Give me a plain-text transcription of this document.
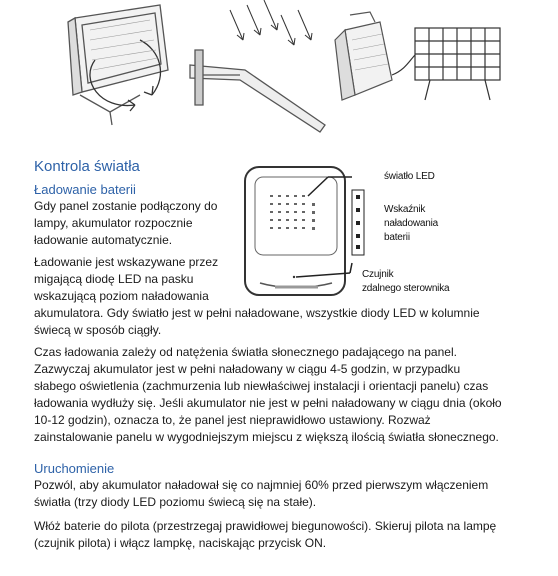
Kontrola światła
Ładowanie baterii

Gdy panel zostanie podłączony do lampy, akumulator rozpocznie ładowanie automatycznie.

Ładowanie jest wskazywane przez migającą diodę LED na pasku wskazującą poziom naładowania

akumulatora. Gdy światło jest w pełni naładowane, wszystkie diody LED w kolumnie świecą w sposób ciągły.

Czas ładowania zależy od natężenia światła słonecznego padającego na panel. Zazwyczaj akumulator jest w pełni naładowany w ciągu 4-5 godzin, w przypadku słabego oświetlenia (zachmurzenia lub niewłaściwej instalacji i orientacji panelu) czas ładowania wydłuży się. Jeśli akumulator nie jest w pełni naładowany w ciągu dnia (około 10-12 godzin), oznacza to, że panel jest nieprawidłowo ustawiony. Rozważ zainstalowanie panelu w wygodniejszym miejscu z większą ilością światła słonecznego.

Uruchomienie

Pozwól, aby akumulator naładował się co najmniej 60% przed pierwszym włączeniem światła (trzy diody LED poziomu świecą się na stałe).

Włóż baterie do pilota (przestrzegaj prawidłowej biegunowości). Skieruj pilota na lampę (czujnik pilota) i włącz lampkę, naciskając przycisk ON.

światło LED
Wskaźnik
naładowania
baterii
Czujnik
zdalnego sterownika
